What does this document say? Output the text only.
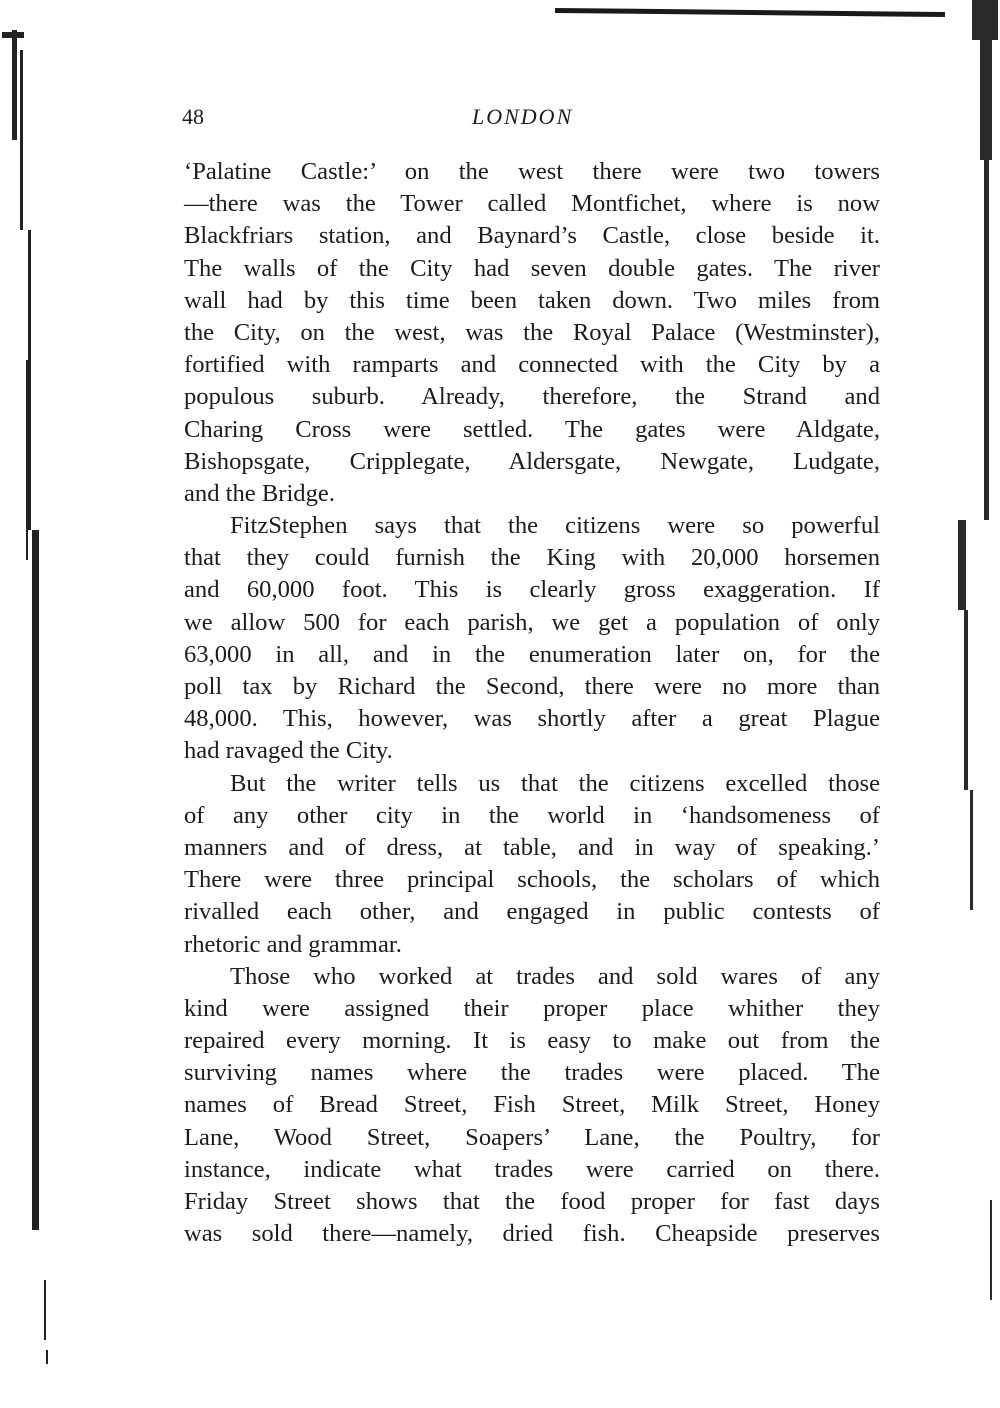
48	LONDON
‘Palatine Castle:’ on the west there were two towers
—there was the Tower called Montfichet, where is now
Blackfriars station, and Baynard’s Castle, close beside it.
The walls of the City had seven double gates. The river
wall had by this time been taken down. Two miles from
the City, on the west, was the Royal Palace (Westminster),
fortified with ramparts and connected with the City by a
populous suburb. Already, therefore, the Strand and
Charing Cross were settled. The gates were Aldgate,
Bishopsgate, Cripplegate, Aldersgate, Newgate, Ludgate,
and the Bridge.
FitzStephen says that the citizens were so powerful
that they could furnish the King with 20,000 horsemen
and 60,000 foot. This is clearly gross exaggeration. If
we allow 500 for each parish, we get a population of only
63,000 in all, and in the enumeration later on, for the
poll tax by Richard the Second, there were no more than
48,000. This, however, was shortly after a great Plague
had ravaged the City.
But the writer tells us that the citizens excelled those
of any other city in the world in ‘handsomeness of
manners and of dress, at table, and in way of speaking.’
There were three principal schools, the scholars of which
rivalled each other, and engaged in public contests of
rhetoric and grammar.
Those who worked at trades and sold wares of any
kind were assigned their proper place whither they
repaired every morning. It is easy to make out from the
surviving names where the trades were placed. The
names of Bread Street, Fish Street, Milk Street, Honey
Lane, Wood Street, Soapers’ Lane, the Poultry, for
instance, indicate what trades were carried on there.
Friday Street shows that the food proper for fast days
was sold there—namely, dried fish. Cheapside preserves
